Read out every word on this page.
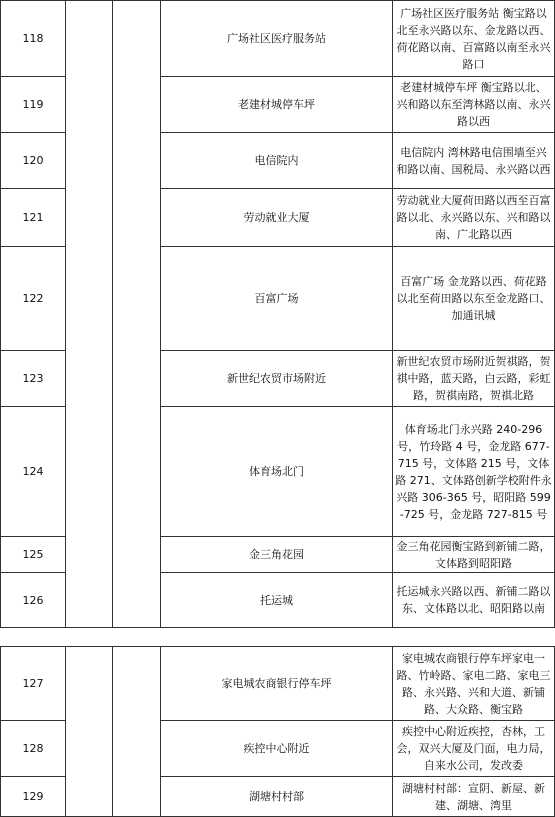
118			广场社区医疗服务站	广场社区医疗服务站 衡宝路以北至永兴路以东、金龙路以西、荷花路以南、百富路以南至永兴路口
119			老建材城停车坪	老建材城停车坪 衡宝路以北、兴和路以东至湾林路以南、永兴路以西
120			电信院内	电信院内 湾林路电信围墙至兴和路以南、国税局、永兴路以西
121			劳动就业大厦	劳动就业大厦荷田路以西至百富路以北、永兴路以东、兴和路以南、广北路以西
122			百富广场	百富广场 金龙路以西、荷花路以北至荷田路以东至金龙路口、加通讯城
123			新世纪农贸市场附近	新世纪农贸市场附近贺祺路，贺祺中路，蓝天路，白云路，彩虹路，贺祺南路，贺祺北路
124			体育场北门	体育场北门永兴路 240-296 号，竹玲路 4 号，金龙路 677-715 号，文体路 215 号，文体路 271、文体路创新学校附件永兴路 306-365 号，昭阳路 599-725 号，金龙路 727-815 号
125			金三角花园	金三角花园衡宝路到新铺二路，文体路到昭阳路
126			托运城	托运城永兴路以西、新铺二路以东、文体路以北、昭阳路以南
127			家电城农商银行停车坪	家电城农商银行停车坪家电一路、竹岭路、家电二路、家电三路、永兴路、兴和大道、新铺路、大众路、衡宝路
128			疾控中心附近	疾控中心附近疾控，杏林，工会，双兴大厦及门面，电力局，自来水公司，发改委
129			湖塘村村部	湖塘村村部：宣阴、新屋、新建、湖塘、湾里
